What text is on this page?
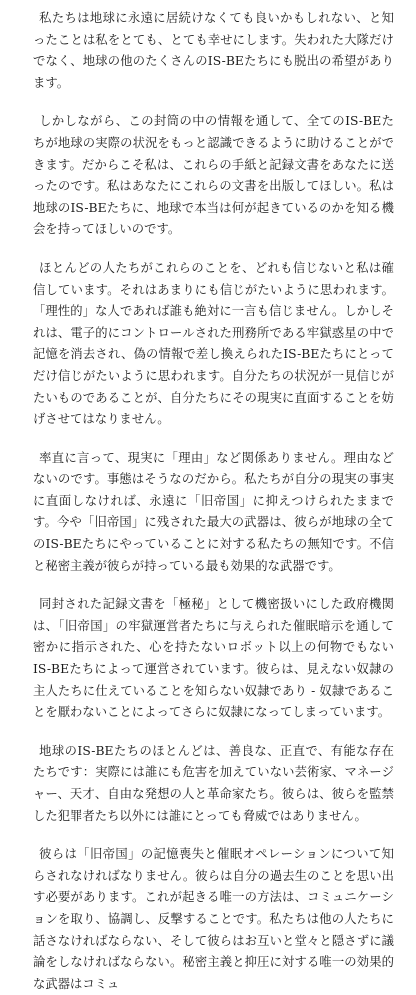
私たちは地球に永遠に居続けなくても良いかもしれない、と知ったことは私をとても、とても幸せにします。失われた大隊だけでなく、地球の他のたくさんのIS-BEたちにも脱出の希望があります。

しかしながら、この封筒の中の情報を通して、全てのIS-BEたちが地球の実際の状況をもっと認識できるように助けることができます。だからこそ私は、これらの手紙と記録文書をあなたに送ったのです。私はあなたにこれらの文書を出版してほしい。私は地球のIS-BEたちに、地球で本当は何が起きているのかを知る機会を持ってほしいのです。

ほとんどの人たちがこれらのことを、どれも信じないと私は確信しています。それはあまりにも信じがたいように思われます。「理性的」な人であれば誰も絶対に一言も信じません。しかしそれは、電子的にコントロールされた刑務所である牢獄惑星の中で記憶を消去され、偽の情報で差し換えられたIS-BEたちにとってだけ信じがたいように思われます。自分たちの状況が一見信じがたいものであることが、自分たちにその現実に直面することを妨げさせてはなりません。

率直に言って、現実に「理由」など関係ありません。理由などないのです。事態はそうなのだから。私たちが自分の現実の事実に直面しなければ、永遠に「旧帝国」に抑えつけられたままです。今や「旧帝国」に残された最大の武器は、彼らが地球の全てのIS-BEたちにやっていることに対する私たちの無知です。不信と秘密主義が彼らが持っている最も効果的な武器です。

同封された記録文書を「極秘」として機密扱いにした政府機関は、「旧帝国」の牢獄運営者たちに与えられた催眠暗示を通して密かに指示された、心を持たないロボット以上の何物でもないIS-BEたちによって運営されています。彼らは、見えない奴隷の主人たちに仕えていることを知らない奴隷であり - 奴隷であることを厭わないことによってさらに奴隷になってしまっています。

地球のIS-BEたちのほとんどは、善良な、正直で、有能な存在たちです：実際には誰にも危害を加えていない芸術家、マネージャー、天才、自由な発想の人と革命家たち。彼らは、彼らを監禁した犯罪者たち以外には誰にとっても脅威ではありません。

彼らは「旧帝国」の記憶喪失と催眠オペレーションについて知らされなければなりません。彼らは自分の過去生のことを思い出す必要があります。これが起きる唯一の方法は、コミュニケーションを取り、協調し、反撃することです。私たちは他の人たちに話さなければならない、そして彼らはお互いと堂々と隠さずに議論をしなければならない。秘密主義と抑圧に対する唯一の効果的な武器はコミュ
